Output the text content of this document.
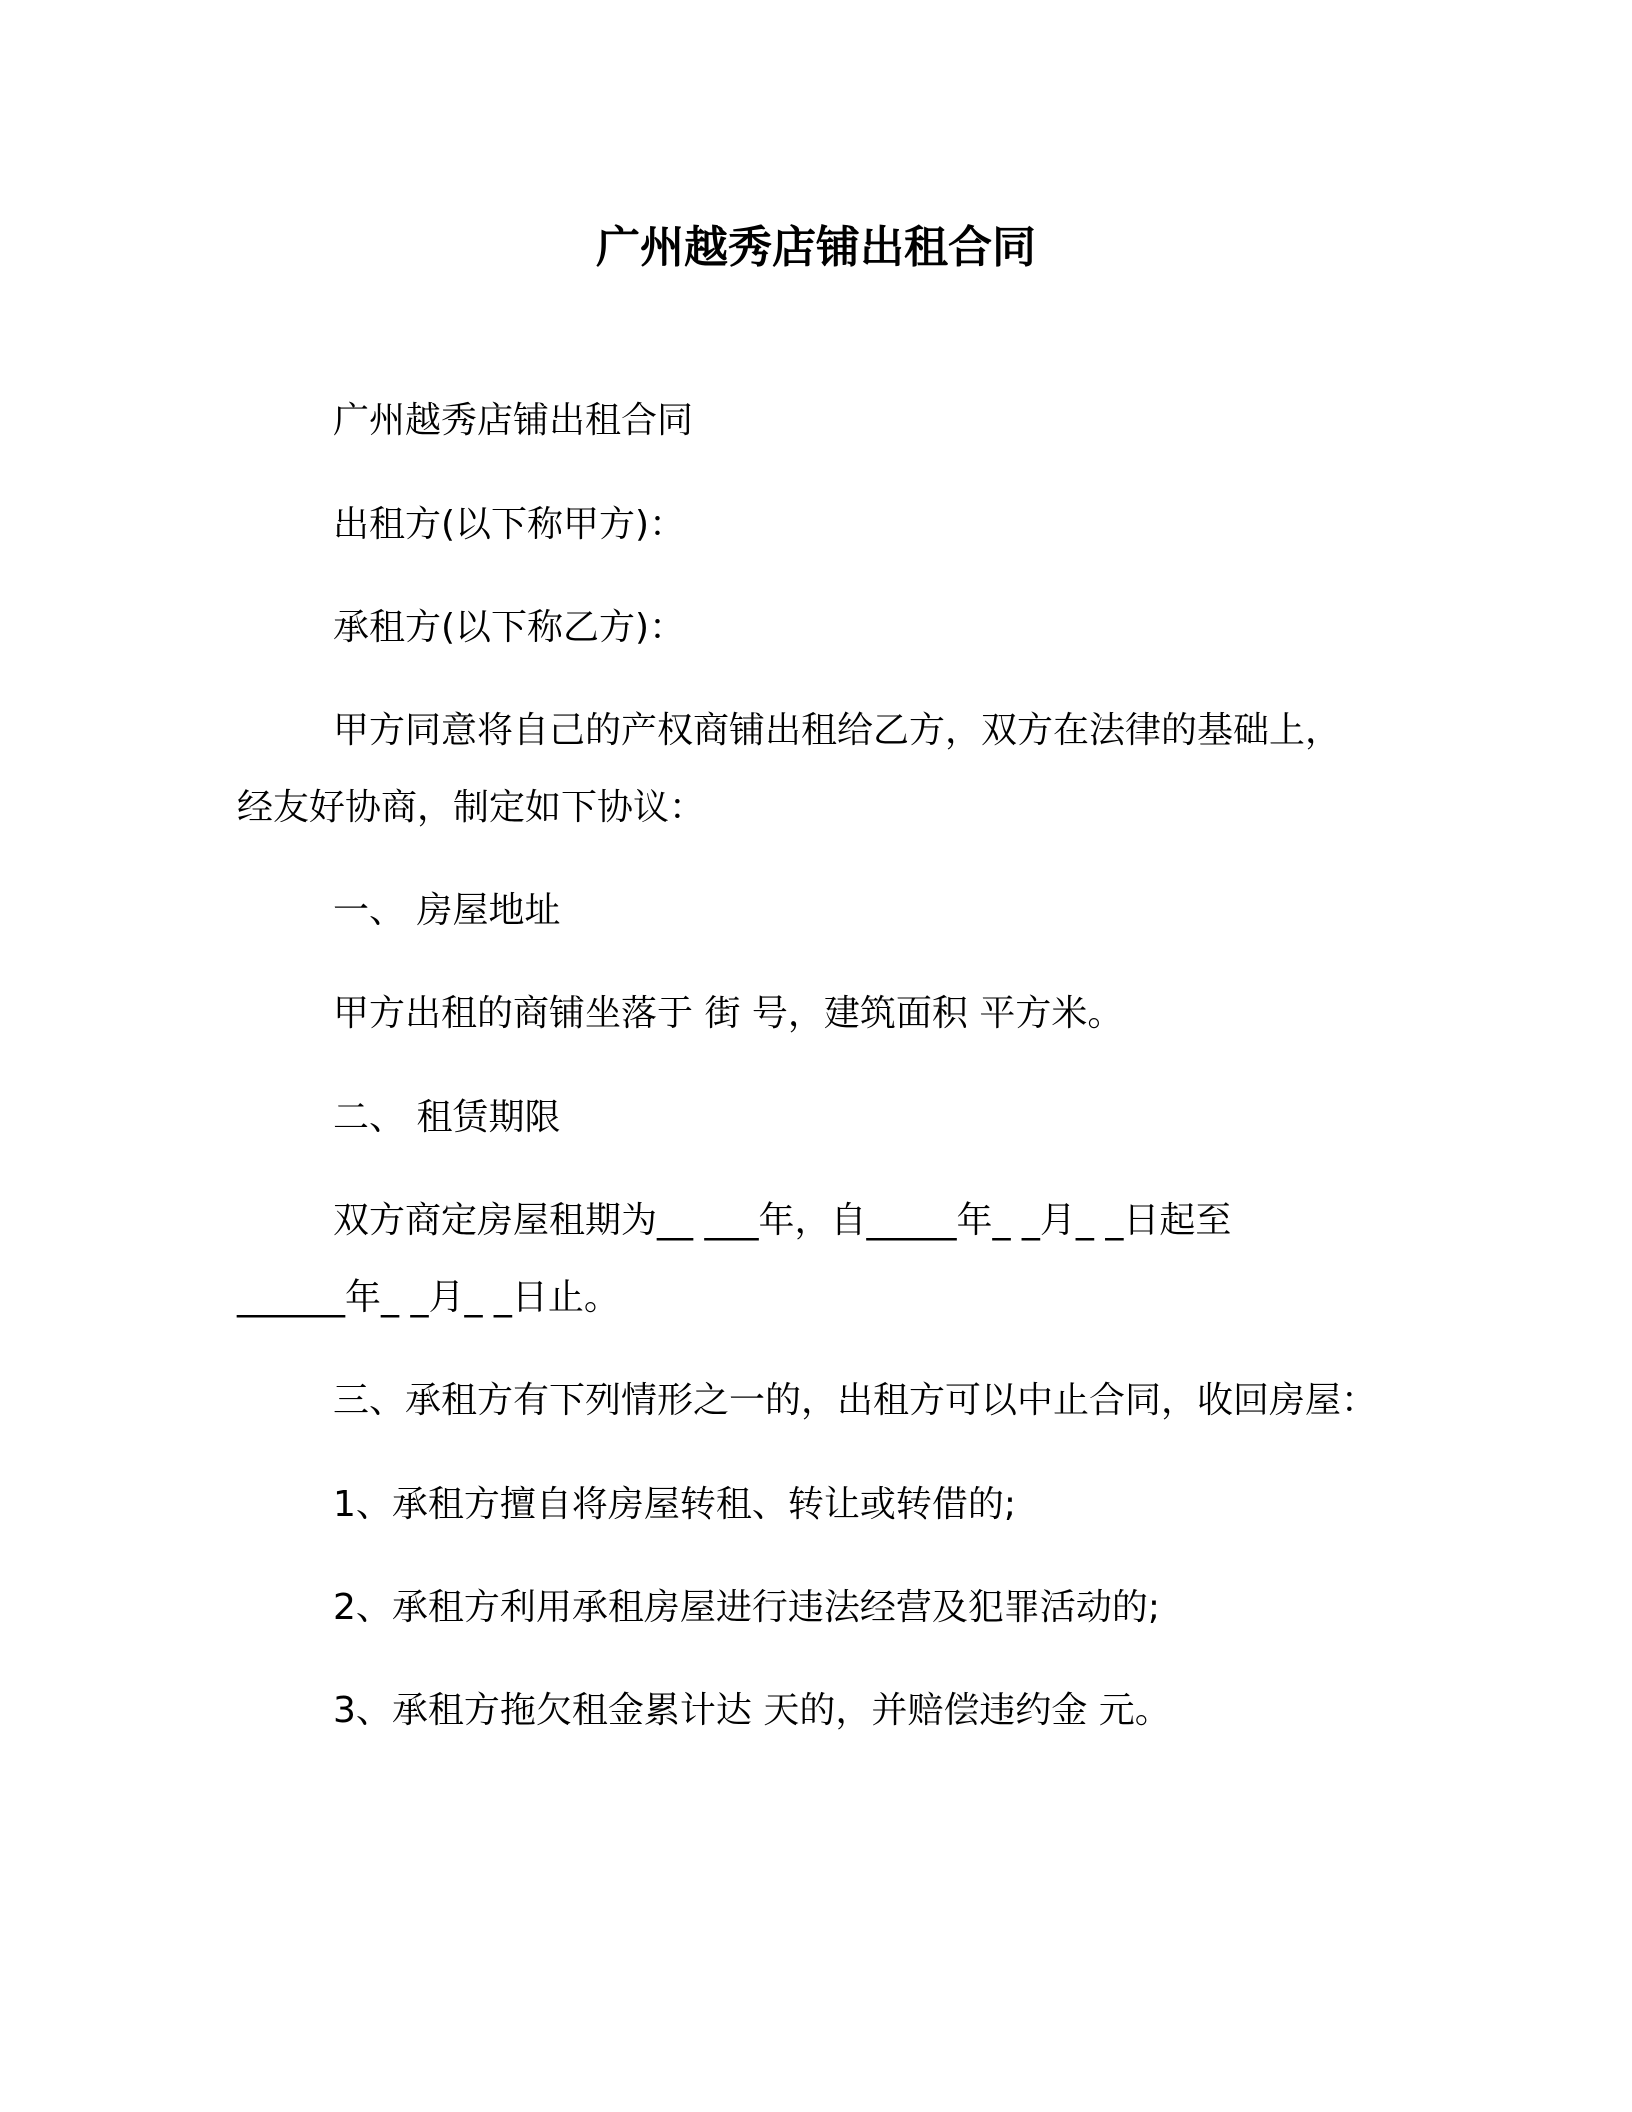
广州越秀店铺出租合同
广州越秀店铺出租合同
出租方(以下称甲方)：
承租方(以下称乙方)：
甲方同意将自己的产权商铺出租给乙方，双方在法律的基础上，
经友好协商，制定如下协议：
一、 房屋地址
甲方出租的商铺坐落于 街 号，建筑面积 平方米。
二、 租赁期限
双方商定房屋租期为__ ___年，自_____年_ _月_ _日起至
______年_ _月_ _日止。
三、承租方有下列情形之一的，出租方可以中止合同，收回房屋：
1、承租方擅自将房屋转租、转让或转借的;
2、承租方利用承租房屋进行违法经营及犯罪活动的;
3、承租方拖欠租金累计达 天的，并赔偿违约金 元。
